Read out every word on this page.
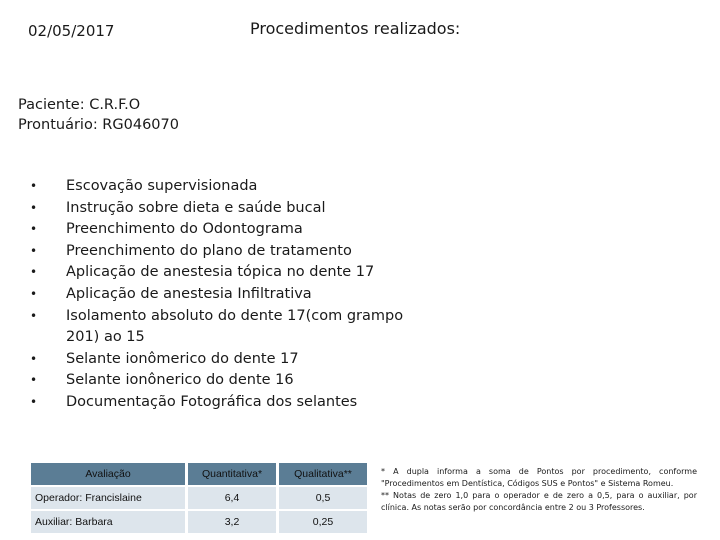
02/05/2017	Procedimentos realizados:
Paciente: C.R.F.O
Prontuário: RG046070
• Escovação supervisionada
• Instrução sobre dieta e saúde bucal
• Preenchimento do Odontograma
• Preenchimento do plano de tratamento
• Aplicação de anestesia tópica no dente 17
• Aplicação de anestesia Infiltrativa
• Isolamento absoluto do dente 17(com grampo 201) ao 15
• Selante ionômerico do dente 17
• Selante ionônerico do dente 16
• Documentação Fotográfica dos selantes
Avaliação	Quantitativa*	Qualitativa**

Operador: Francislaine	6,4	0,5

Auxiliar: Barbara	3,2	0,25

* A dupla informa a soma de Pontos por procedimento, conforme "Procedimentos em Dentística, Códigos SUS e Pontos" e Sistema Romeu.

** Notas de zero 1,0 para o operador e de zero a 0,5, para o auxiliar, por clínica. As notas serão por concordância entre 2 ou 3 Professores.
